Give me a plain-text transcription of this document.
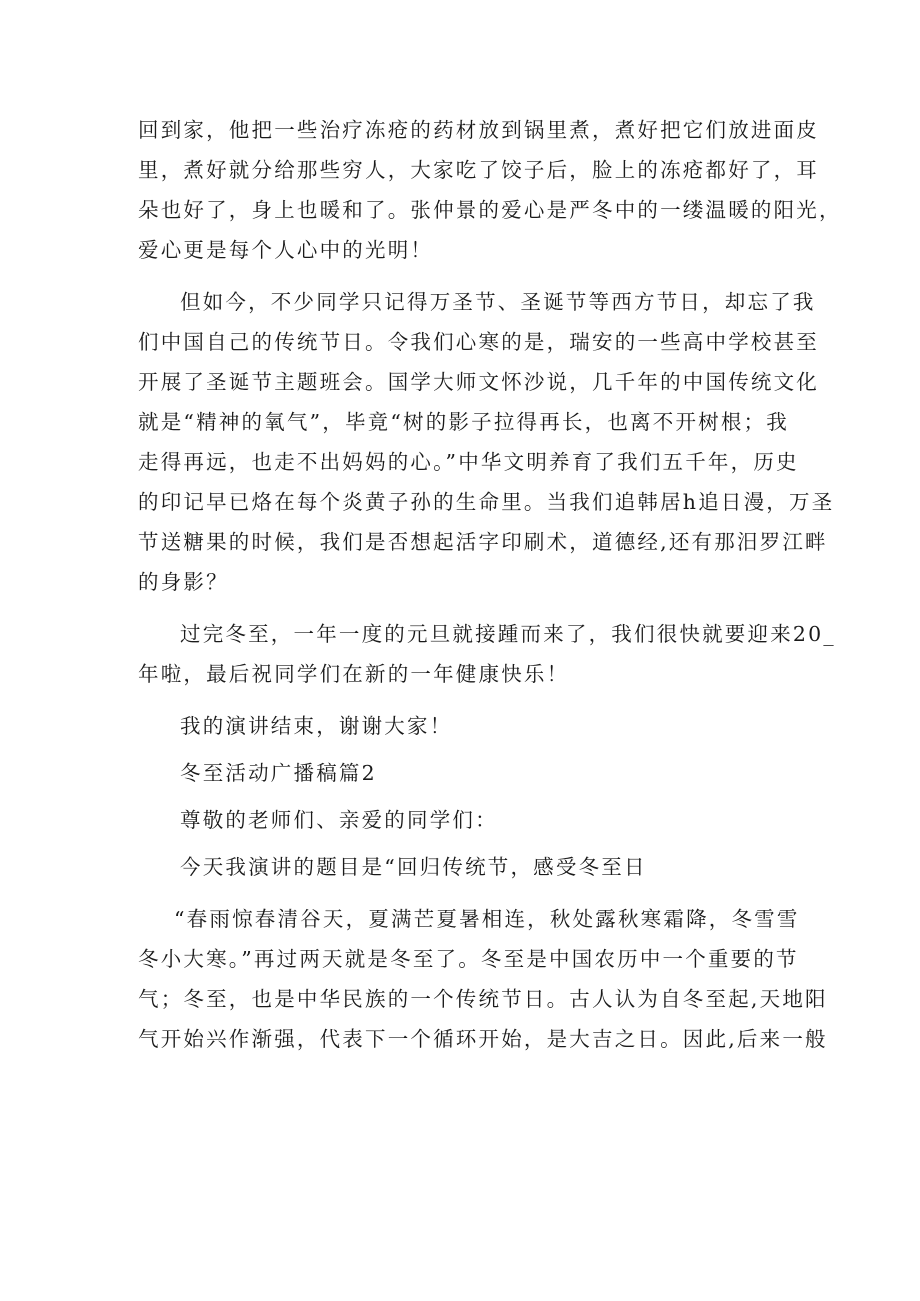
回到家，他把一些治疗冻疮的药材放到锅里煮，煮好把它们放进面皮
里，煮好就分给那些穷人，大家吃了饺子后，脸上的冻疮都好了，耳
朵也好了，身上也暖和了。张仲景的爱心是严冬中的一缕温暖的阳光，
爱心更是每个人心中的光明！
但如今，不少同学只记得万圣节、圣诞节等西方节日，却忘了我
们中国自己的传统节日。令我们心寒的是，瑞安的一些高中学校甚至
开展了圣诞节主题班会。国学大师文怀沙说，几千年的中国传统文化
就是“精神的氧气”，毕竟“树的影子拉得再长，也离不开树根；我
走得再远，也走不出妈妈的心。”中华文明养育了我们五千年，历史
的印记早已烙在每个炎黄子孙的生命里。当我们追韩居h追日漫，万圣
节送糖果的时候，我们是否想起活字印刷术，道德经,还有那汨罗江畔
的身影？
过完冬至，一年一度的元旦就接踵而来了，我们很快就要迎来20_
年啦，最后祝同学们在新的一年健康快乐！
我的演讲结束，谢谢大家！
冬至活动广播稿篇2
尊敬的老师们、亲爱的同学们：
今天我演讲的题目是“回归传统节，感受冬至日
“春雨惊春清谷天，夏满芒夏暑相连，秋处露秋寒霜降，冬雪雪
冬小大寒。”再过两天就是冬至了。冬至是中国农历中一个重要的节
气；冬至，也是中华民族的一个传统节日。古人认为自冬至起,天地阳
气开始兴作渐强，代表下一个循环开始，是大吉之日。因此,后来一般
